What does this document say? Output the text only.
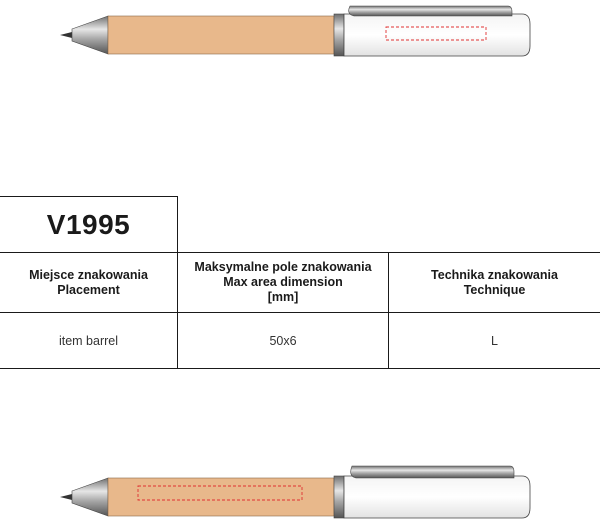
V1995
Miejsce znakowania
Placement
Maksymalne pole znakowania
Max area dimension
[mm]
Technika znakowania
Technique
item barrel	50x6	L
